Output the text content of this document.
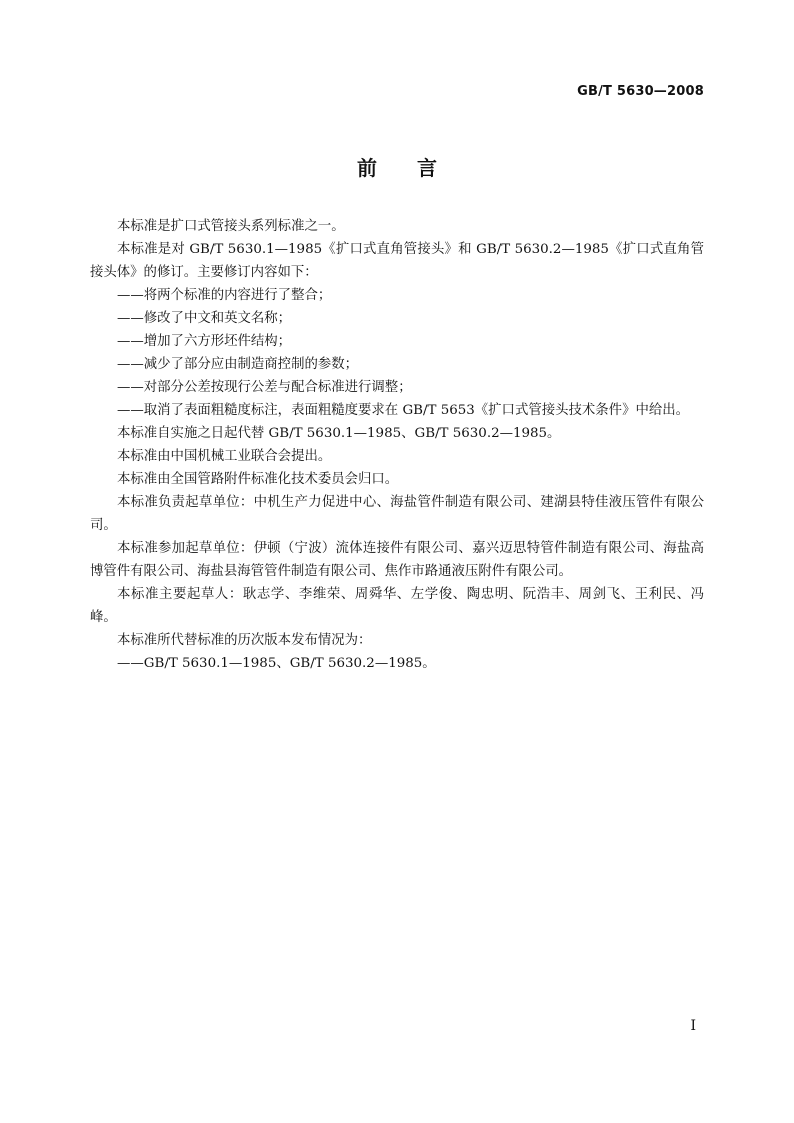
GB/T 5630—2008
前 言

本标准是扩口式管接头系列标准之一。

本标准是对 GB/T 5630.1—1985《扩口式直角管接头》和 GB/T 5630.2—1985《扩口式直角管接头体》的修订。主要修订内容如下：

——将两个标准的内容进行了整合；

——修改了中文和英文名称；

——增加了六方形坯件结构；

——减少了部分应由制造商控制的参数；

——对部分公差按现行公差与配合标准进行调整；

——取消了表面粗糙度标注，表面粗糙度要求在 GB/T 5653《扩口式管接头技术条件》中给出。

本标准自实施之日起代替 GB/T 5630.1—1985、GB/T 5630.2—1985。

本标准由中国机械工业联合会提出。

本标准由全国管路附件标准化技术委员会归口。

本标准负责起草单位：中机生产力促进中心、海盐管件制造有限公司、建湖县特佳液压管件有限公司。

本标准参加起草单位：伊顿（宁波）流体连接件有限公司、嘉兴迈思特管件制造有限公司、海盐高博管件有限公司、海盐县海管管件制造有限公司、焦作市路通液压附件有限公司。

本标准主要起草人：耿志学、李维荣、周舜华、左学俊、陶忠明、阮浩丰、周剑飞、王利民、冯峰。

本标准所代替标准的历次版本发布情况为：

——GB/T 5630.1—1985、GB/T 5630.2—1985。

I
